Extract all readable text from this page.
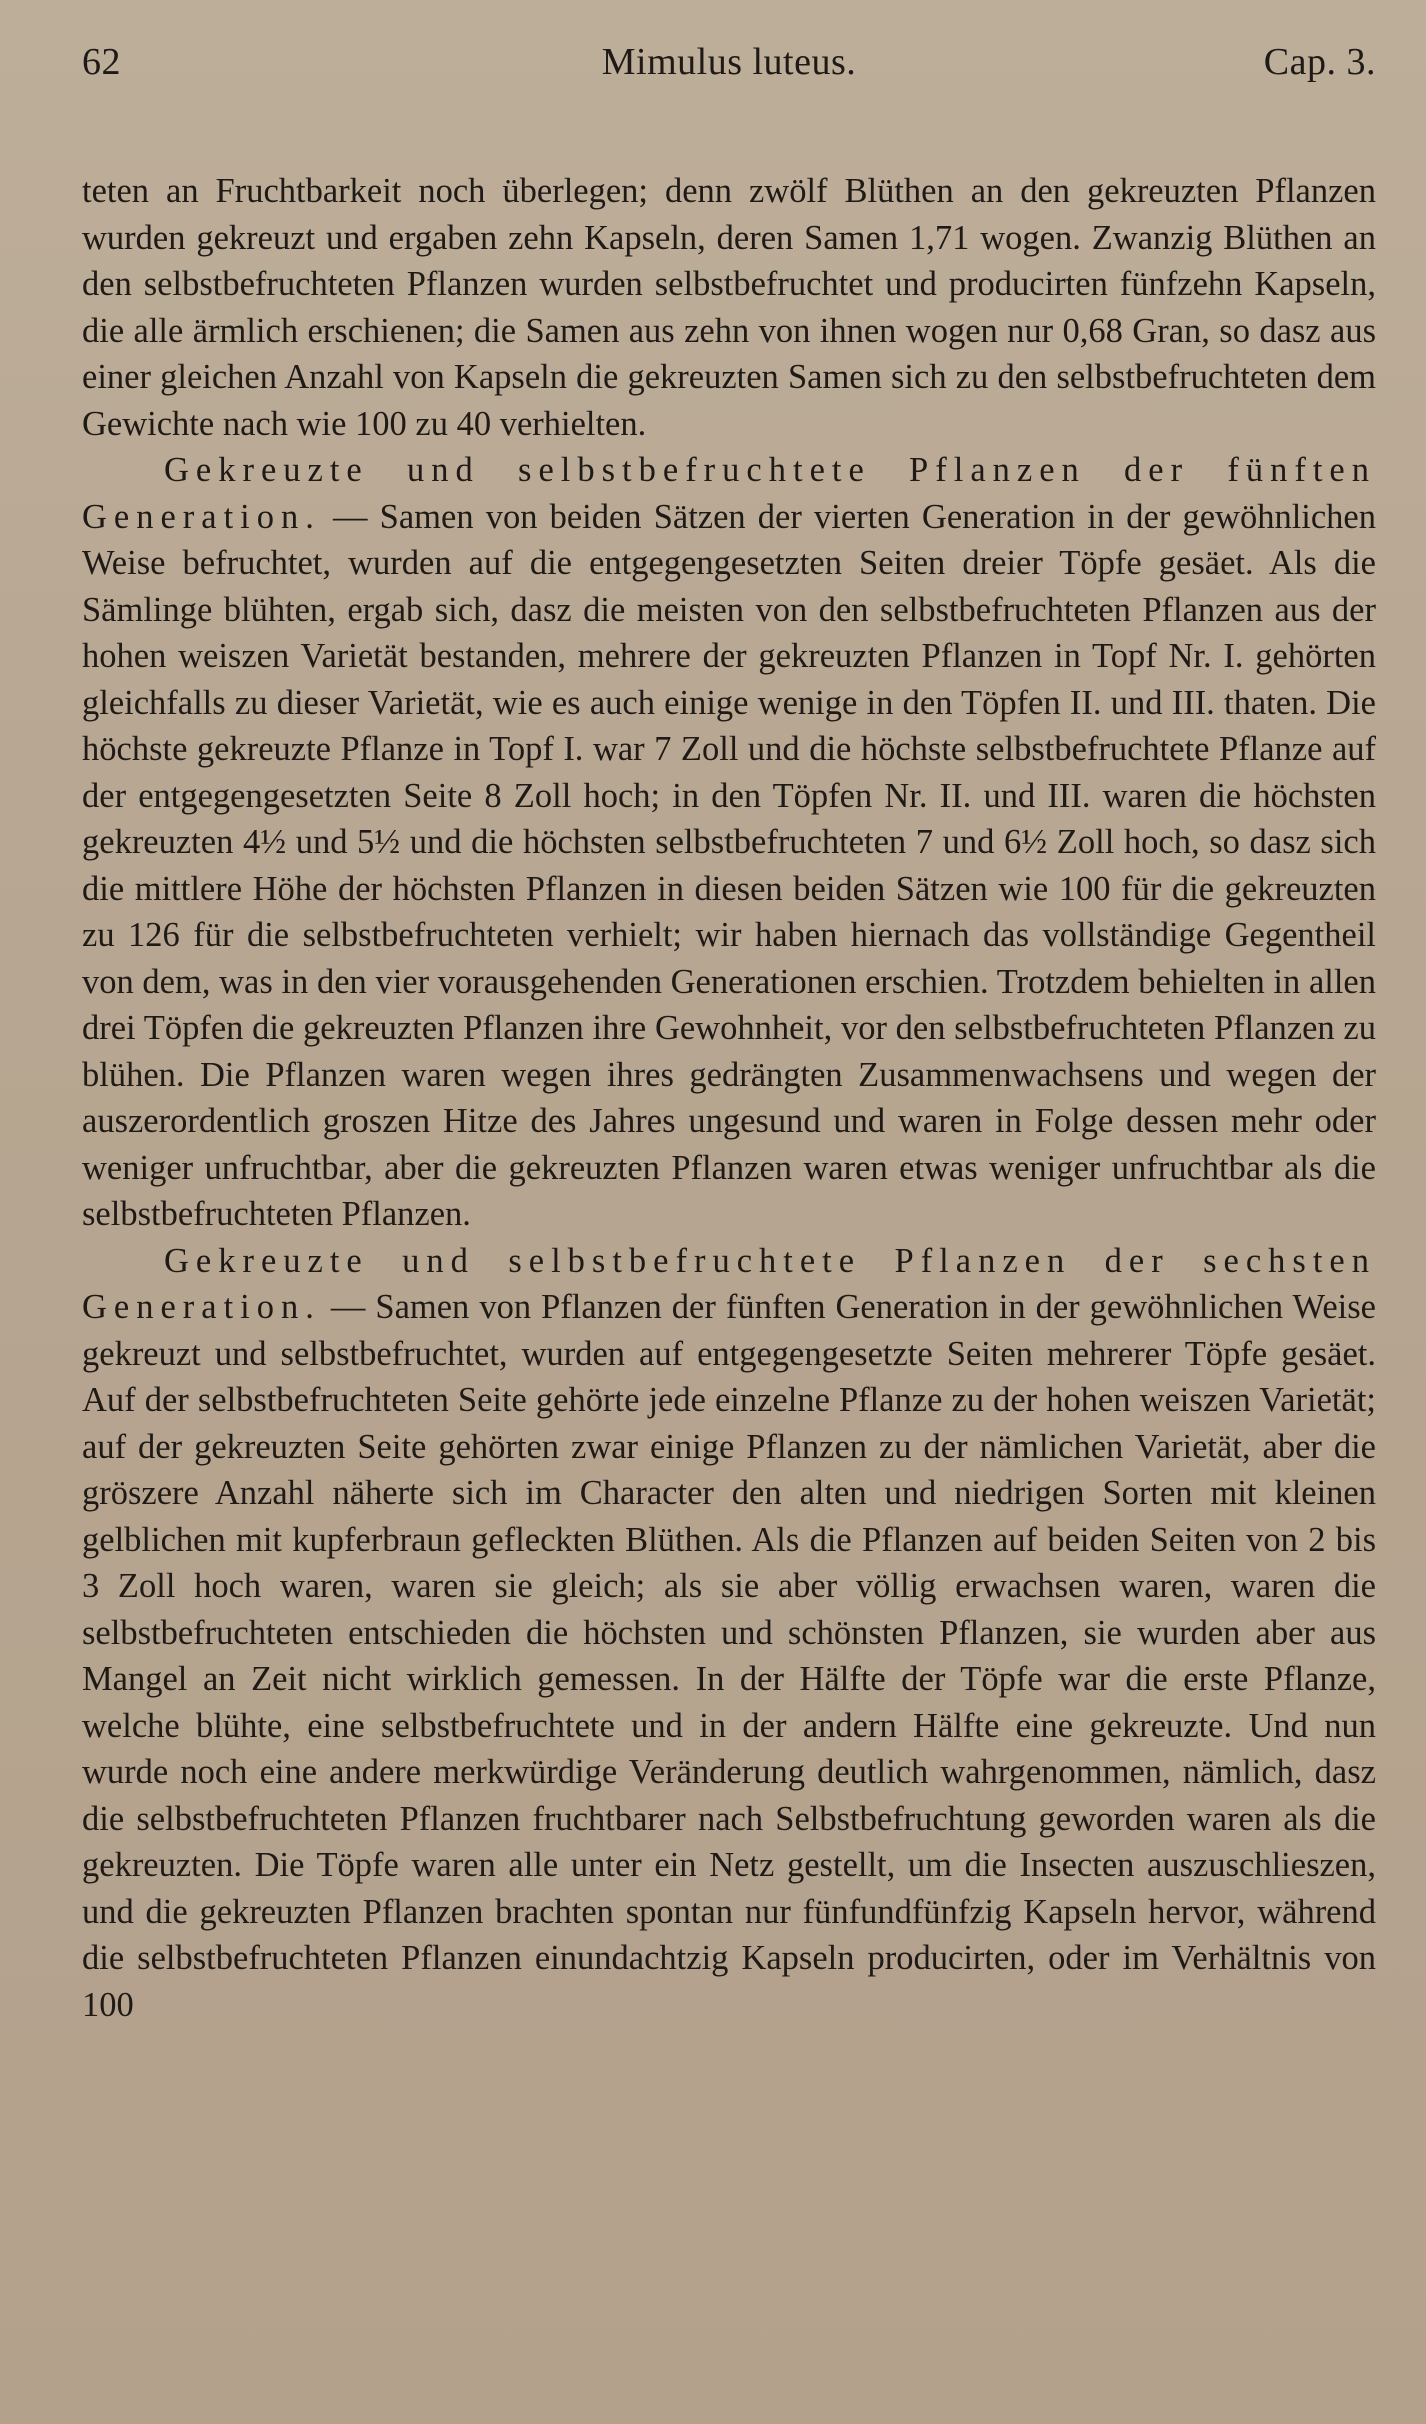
62	Mimulus luteus.	Cap. 3.

teten an Fruchtbarkeit noch überlegen; denn zwölf Blüthen an den gekreuzten Pflanzen wurden gekreuzt und ergaben zehn Kapseln, deren Samen 1,71 wogen. Zwanzig Blüthen an den selbstbefruchteten Pflanzen wurden selbstbefruchtet und producirten fünfzehn Kapseln, die alle ärmlich erschienen; die Samen aus zehn von ihnen wogen nur 0,68 Gran, so dasz aus einer gleichen Anzahl von Kapseln die gekreuzten Samen sich zu den selbstbefruchteten dem Gewichte nach wie 100 zu 40 verhielten.

Gekreuzte und selbstbefruchtete Pflanzen der fünften Generation. — Samen von beiden Sätzen der vierten Generation in der gewöhnlichen Weise befruchtet, wurden auf die entgegengesetzten Seiten dreier Töpfe gesäet. Als die Sämlinge blühten, ergab sich, dasz die meisten von den selbstbefruchteten Pflanzen aus der hohen weiszen Varietät bestanden, mehrere der gekreuzten Pflanzen in Topf Nr. I. gehörten gleichfalls zu dieser Varietät, wie es auch einige wenige in den Töpfen II. und III. thaten. Die höchste gekreuzte Pflanze in Topf I. war 7 Zoll und die höchste selbstbefruchtete Pflanze auf der entgegengesetzten Seite 8 Zoll hoch; in den Töpfen Nr. II. und III. waren die höchsten gekreuzten 4½ und 5½ und die höchsten selbstbefruchteten 7 und 6½ Zoll hoch, so dasz sich die mittlere Höhe der höchsten Pflanzen in diesen beiden Sätzen wie 100 für die gekreuzten zu 126 für die selbstbefruchteten verhielt; wir haben hiernach das vollständige Gegentheil von dem, was in den vier vorausgehenden Generationen erschien. Trotzdem behielten in allen drei Töpfen die gekreuzten Pflanzen ihre Gewohnheit, vor den selbstbefruchteten Pflanzen zu blühen. Die Pflanzen waren wegen ihres gedrängten Zusammenwachsens und wegen der auszerordentlich groszen Hitze des Jahres ungesund und waren in Folge dessen mehr oder weniger unfruchtbar, aber die gekreuzten Pflanzen waren etwas weniger unfruchtbar als die selbstbefruchteten Pflanzen.

Gekreuzte und selbstbefruchtete Pflanzen der sechsten Generation. — Samen von Pflanzen der fünften Generation in der gewöhnlichen Weise gekreuzt und selbstbefruchtet, wurden auf entgegengesetzte Seiten mehrerer Töpfe gesäet. Auf der selbstbefruchteten Seite gehörte jede einzelne Pflanze zu der hohen weiszen Varietät; auf der gekreuzten Seite gehörten zwar einige Pflanzen zu der nämlichen Varietät, aber die gröszere Anzahl näherte sich im Character den alten und niedrigen Sorten mit kleinen gelblichen mit kupferbraun gefleckten Blüthen. Als die Pflanzen auf beiden Seiten von 2 bis 3 Zoll hoch waren, waren sie gleich; als sie aber völlig erwachsen waren, waren die selbstbefruchteten entschieden die höchsten und schönsten Pflanzen, sie wurden aber aus Mangel an Zeit nicht wirklich gemessen. In der Hälfte der Töpfe war die erste Pflanze, welche blühte, eine selbstbefruchtete und in der andern Hälfte eine gekreuzte. Und nun wurde noch eine andere merkwürdige Veränderung deutlich wahrgenommen, nämlich, dasz die selbstbefruchteten Pflanzen fruchtbarer nach Selbstbefruchtung geworden waren als die gekreuzten. Die Töpfe waren alle unter ein Netz gestellt, um die Insecten auszuschlieszen, und die gekreuzten Pflanzen brachten spontan nur fünfundfünfzig Kapseln hervor, während die selbstbefruchteten Pflanzen einundachtzig Kapseln producirten, oder im Verhältnis von 100
